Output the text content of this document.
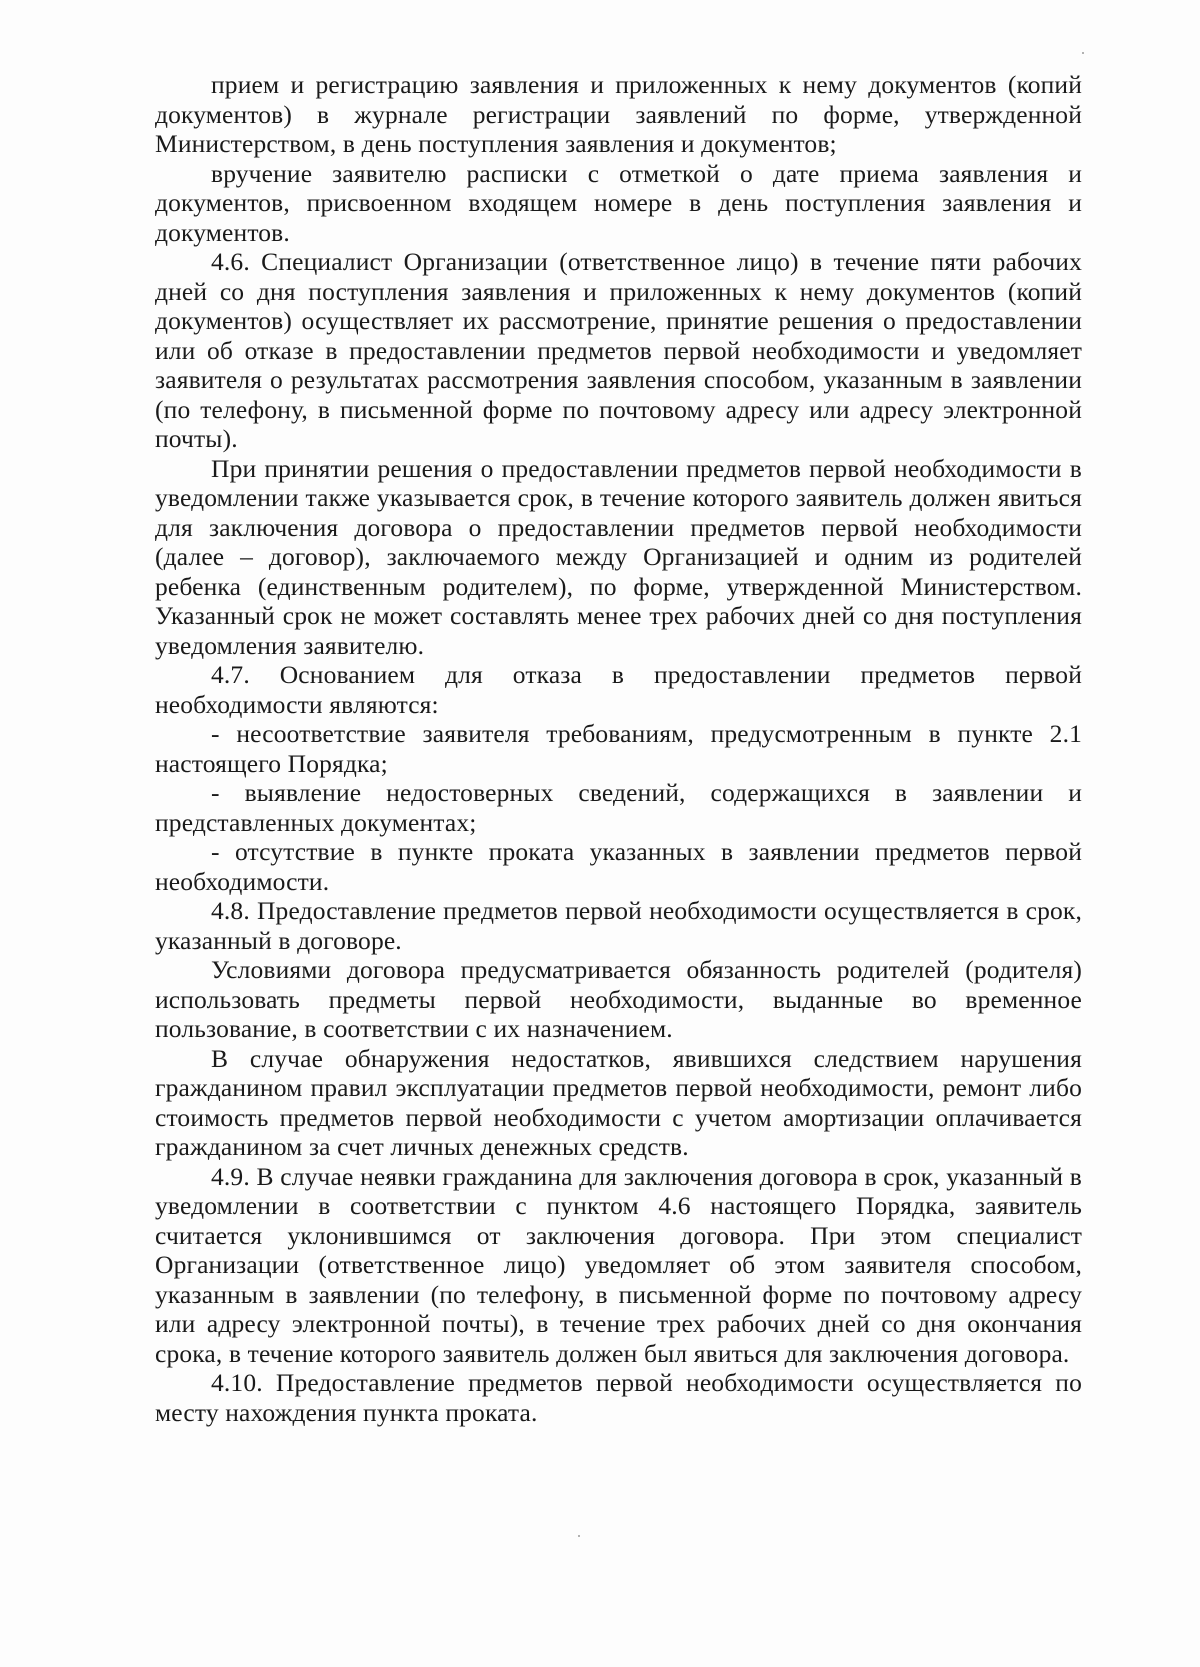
прием и регистрацию заявления и приложенных к нему документов (копий документов) в журнале регистрации заявлений по форме, утвержденной Министерством, в день поступления заявления и документов;

вручение заявителю расписки с отметкой о дате приема заявления и документов, присвоенном входящем номере в день поступления заявления и документов.

4.6. Специалист Организации (ответственное лицо) в течение пяти рабочих дней со дня поступления заявления и приложенных к нему документов (копий документов) осуществляет их рассмотрение, принятие решения о предоставлении или об отказе в предоставлении предметов первой необходимости и уведомляет заявителя о результатах рассмотрения заявления способом, указанным в заявлении (по телефону, в письменной форме по почтовому адресу или адресу электронной почты).

При принятии решения о предоставлении предметов первой необходимости в уведомлении также указывается срок, в течение которого заявитель должен явиться для заключения договора о предоставлении предметов первой необходимости (далее – договор), заключаемого между Организацией и одним из родителей ребенка (единственным родителем), по форме, утвержденной Министерством. Указанный срок не может составлять менее трех рабочих дней со дня поступления уведомления заявителю.

4.7. Основанием для отказа в предоставлении предметов первой необходимости являются:

- несоответствие заявителя требованиям, предусмотренным в пункте 2.1 настоящего Порядка;

- выявление недостоверных сведений, содержащихся в заявлении и представленных документах;

- отсутствие в пункте проката указанных в заявлении предметов первой необходимости.

4.8. Предоставление предметов первой необходимости осуществляется в срок, указанный в договоре.

Условиями договора предусматривается обязанность родителей (родителя) использовать предметы первой необходимости, выданные во временное пользование, в соответствии с их назначением.

В случае обнаружения недостатков, явившихся следствием нарушения гражданином правил эксплуатации предметов первой необходимости, ремонт либо стоимость предметов первой необходимости с учетом амортизации оплачивается гражданином за счет личных денежных средств.

4.9. В случае неявки гражданина для заключения договора в срок, указанный в уведомлении в соответствии с пунктом 4.6 настоящего Порядка, заявитель считается уклонившимся от заключения договора. При этом специалист Организации (ответственное лицо) уведомляет об этом заявителя способом, указанным в заявлении (по телефону, в письменной форме по почтовому адресу или адресу электронной почты), в течение трех рабочих дней со дня окончания срока, в течение которого заявитель должен был явиться для заключения договора.

4.10. Предоставление предметов первой необходимости осуществляется по месту нахождения пункта проката.
